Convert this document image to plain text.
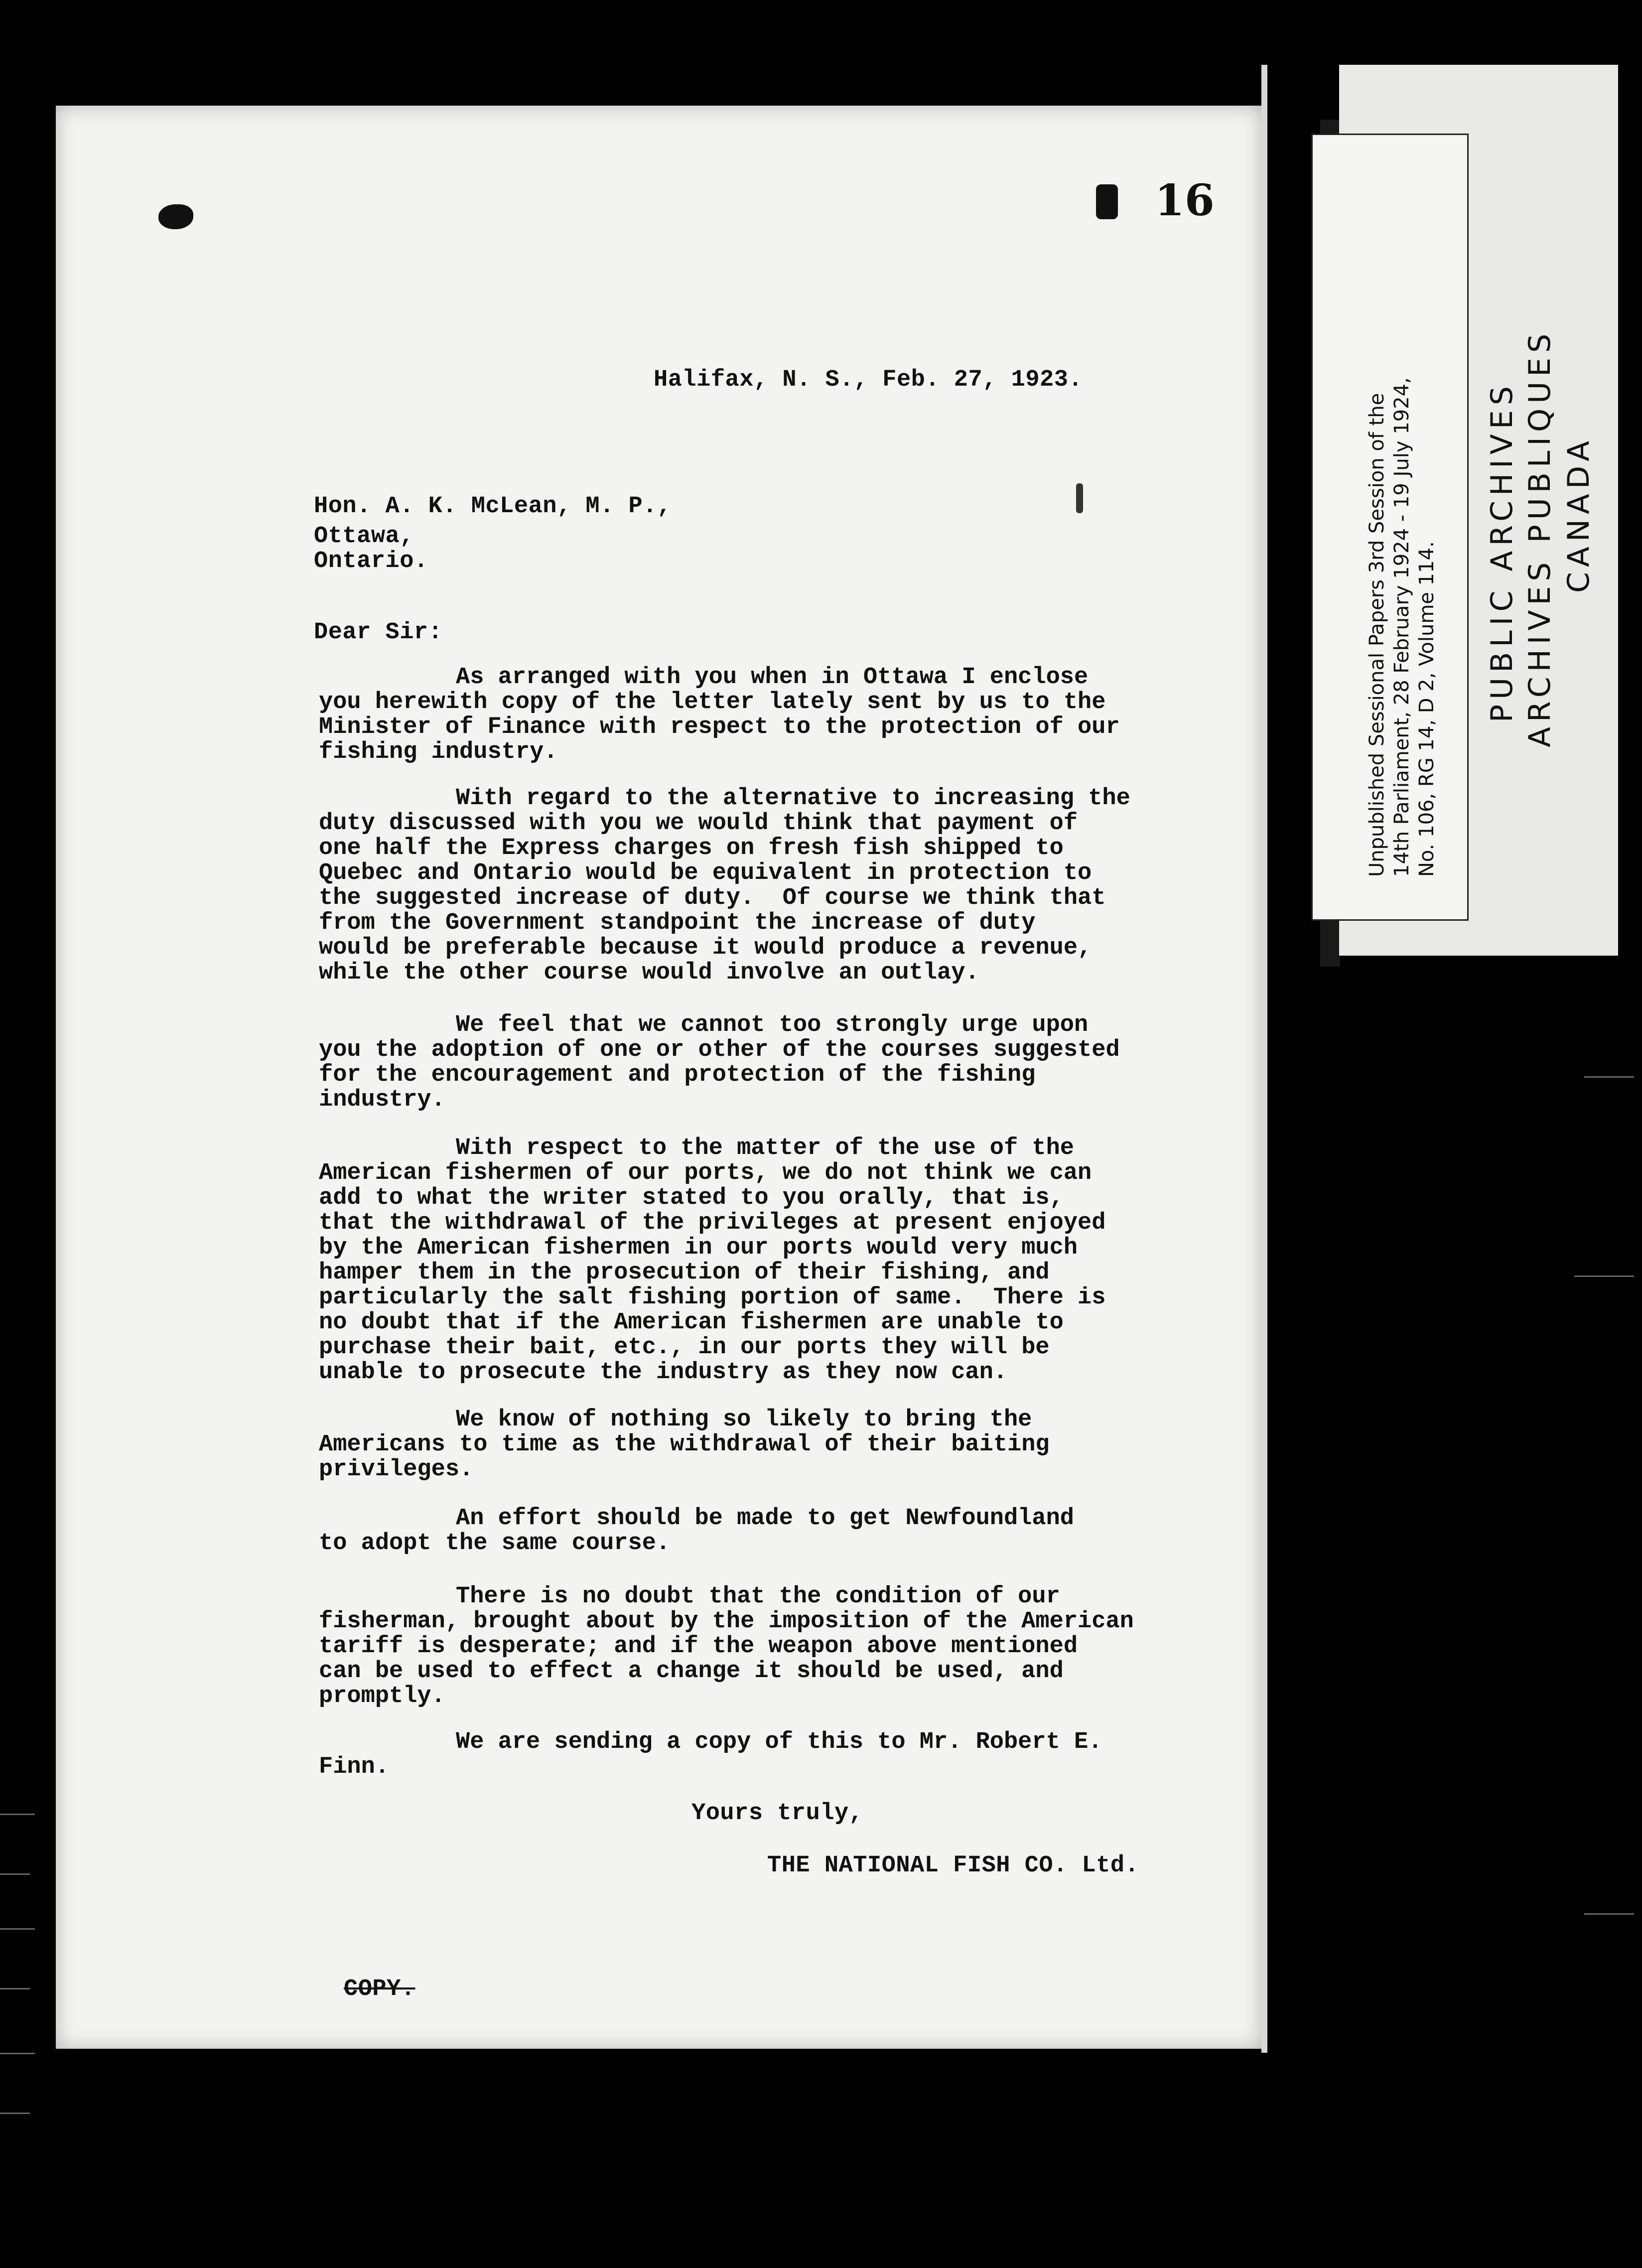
16
Halifax, N. S., Feb. 27, 1923.
Hon. A. K. McLean, M. P.,
Ottawa,
Ontario.
Dear Sir:
As arranged with you when in Ottawa I enclose
you herewith copy of the letter lately sent by us to the
Minister of Finance with respect to the protection of our
fishing industry.
With regard to the alternative to increasing the
duty discussed with you we would think that payment of
one half the Express charges on fresh fish shipped to
Quebec and Ontario would be equivalent in protection to
the suggested increase of duty.  Of course we think that
from the Government standpoint the increase of duty
would be preferable because it would produce a revenue,
while the other course would involve an outlay.
We feel that we cannot too strongly urge upon
you the adoption of one or other of the courses suggested
for the encouragement and protection of the fishing
industry.
With respect to the matter of the use of the
American fishermen of our ports, we do not think we can
add to what the writer stated to you orally, that is,
that the withdrawal of the privileges at present enjoyed
by the American fishermen in our ports would very much
hamper them in the prosecution of their fishing, and
particularly the salt fishing portion of same.  There is
no doubt that if the American fishermen are unable to
purchase their bait, etc., in our ports they will be
unable to prosecute the industry as they now can.
We know of nothing so likely to bring the
Americans to time as the withdrawal of their baiting
privileges.
An effort should be made to get Newfoundland
to adopt the same course.
There is no doubt that the condition of our
fisherman, brought about by the imposition of the American
tariff is desperate; and if the weapon above mentioned
can be used to effect a change it should be used, and
promptly.
We are sending a copy of this to Mr. Robert E.
Finn.
Yours truly,
THE NATIONAL FISH CO. Ltd.
COPY.
Unpublished Sessional Papers 3rd Session of the 14th Parliament, 28 February 1924 - 19 July 1924, No. 106, RG 14, D 2, Volume 114. PUBLIC ARCHIVES ARCHIVES PUBLIQUES CANADA
